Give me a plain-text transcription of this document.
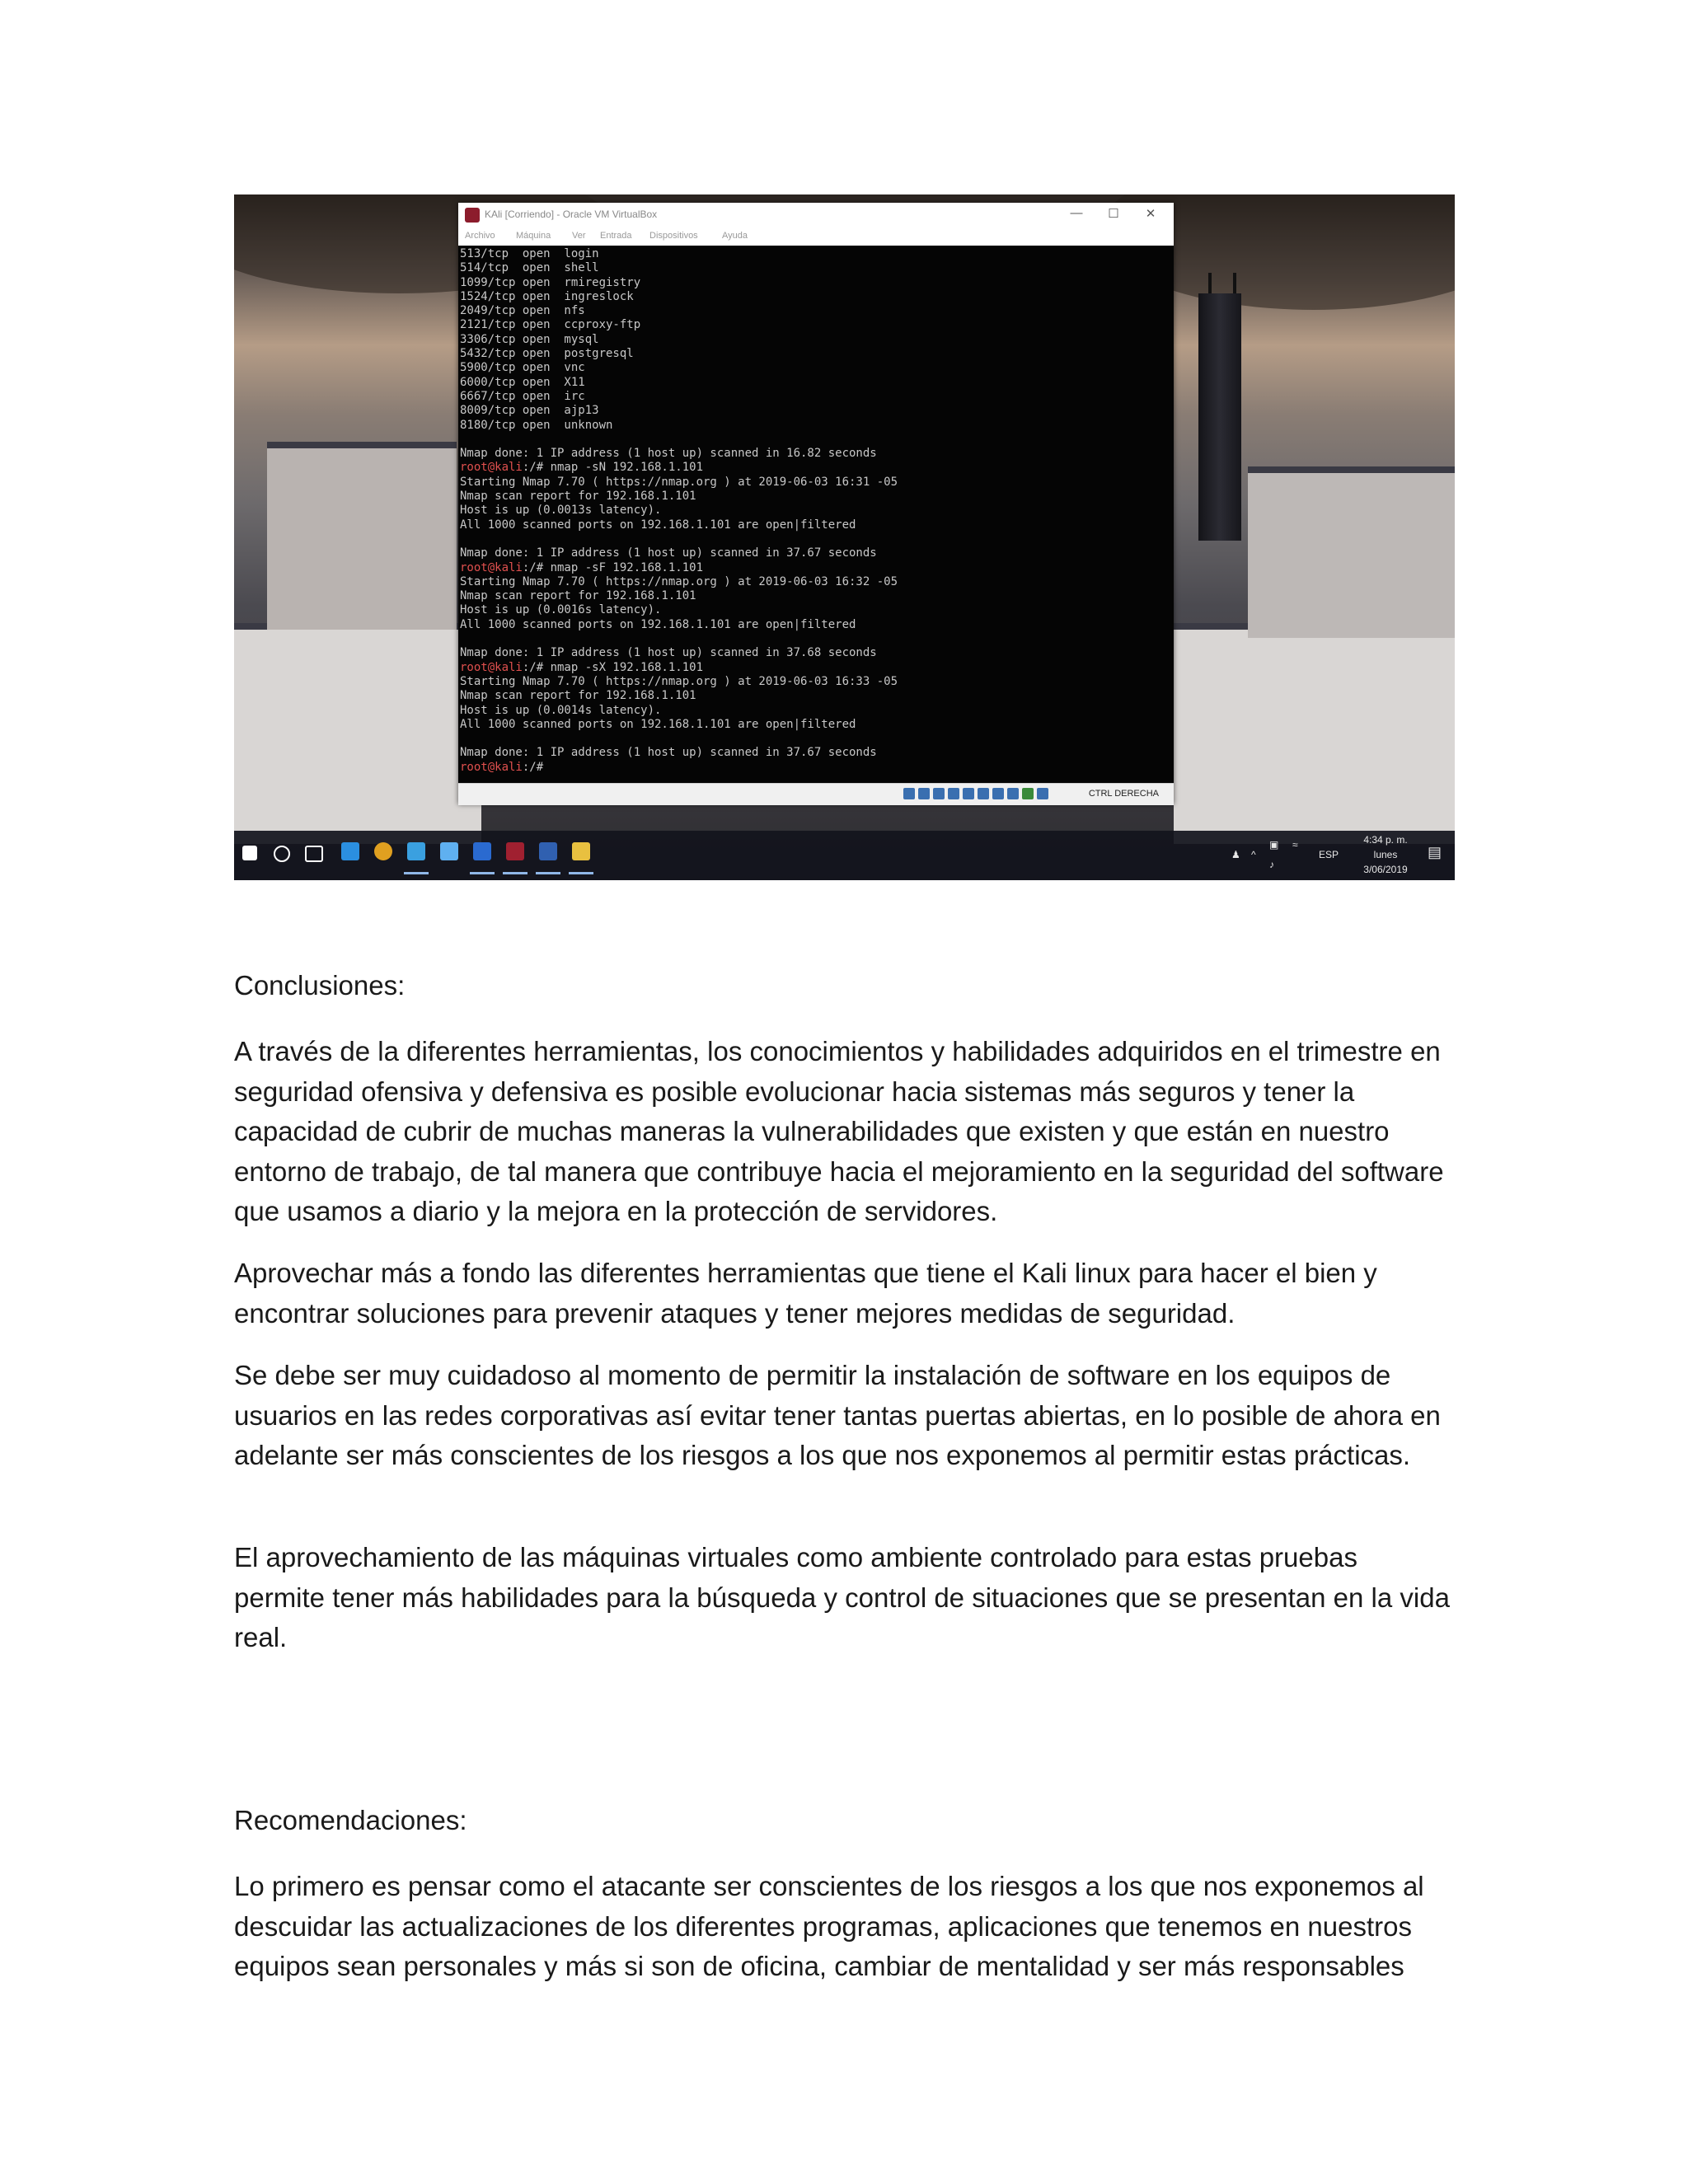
KAli [Corriendo] - Oracle VM VirtualBox	— ☐ ✕
Archivo Máquina Ver Entrada Dispositivos	Ayuda
513/tcp  open  login
514/tcp  open  shell
1099/tcp open  rmiregistry
1524/tcp open  ingreslock
2049/tcp open  nfs
2121/tcp open  ccproxy-ftp
3306/tcp open  mysql
5432/tcp open  postgresql
5900/tcp open  vnc
6000/tcp open  X11
6667/tcp open  irc
8009/tcp open  ajp13
8180/tcp open  unknown

Nmap done: 1 IP address (1 host up) scanned in 16.82 seconds
root@kali:/# nmap -sN 192.168.1.101
Starting Nmap 7.70 ( https://nmap.org ) at 2019-06-03 16:31 -05
Nmap scan report for 192.168.1.101
Host is up (0.0013s latency).
All 1000 scanned ports on 192.168.1.101 are open|filtered

Nmap done: 1 IP address (1 host up) scanned in 37.67 seconds
root@kali:/# nmap -sF 192.168.1.101
Starting Nmap 7.70 ( https://nmap.org ) at 2019-06-03 16:32 -05
Nmap scan report for 192.168.1.101
Host is up (0.0016s latency).
All 1000 scanned ports on 192.168.1.101 are open|filtered

Nmap done: 1 IP address (1 host up) scanned in 37.68 seconds
root@kali:/# nmap -sX 192.168.1.101
Starting Nmap 7.70 ( https://nmap.org ) at 2019-06-03 16:33 -05
Nmap scan report for 192.168.1.101
Host is up (0.0014s latency).
All 1000 scanned ports on 192.168.1.101 are open|filtered

Nmap done: 1 IP address (1 host up) scanned in 37.67 seconds
root@kali:/#
CTRL DERECHA
♟ ^
▣
♪
≈
ESP
4:34 p. m.
lunes
3/06/2019
▤

Conclusiones:

A través de la diferentes herramientas, los conocimientos y habilidades adquiridos en el trimestre en seguridad ofensiva y defensiva es posible evolucionar hacia sistemas más seguros y tener la capacidad de cubrir de muchas maneras la vulnerabilidades que existen y que están en nuestro entorno de trabajo, de tal manera que contribuye hacia el mejoramiento en la seguridad del software que usamos a diario y la mejora en la protección de servidores.

Aprovechar más a fondo las diferentes herramientas que tiene el Kali linux para hacer el bien y encontrar soluciones para prevenir ataques y tener mejores medidas de seguridad.

Se debe ser muy cuidadoso al momento de permitir la instalación de software en los equipos de usuarios en las redes corporativas así evitar tener tantas puertas abiertas, en lo posible de ahora en adelante ser más conscientes de los riesgos a los que nos exponemos al permitir estas prácticas.

El aprovechamiento de las máquinas virtuales como ambiente controlado para estas pruebas permite tener más habilidades para la búsqueda y control de situaciones que se presentan en la vida real.

Recomendaciones:

Lo primero es pensar como el atacante ser conscientes de los riesgos a los que nos exponemos al descuidar las actualizaciones de los diferentes programas, aplicaciones que tenemos en nuestros equipos sean personales y más si son de oficina, cambiar de mentalidad y ser más responsables
